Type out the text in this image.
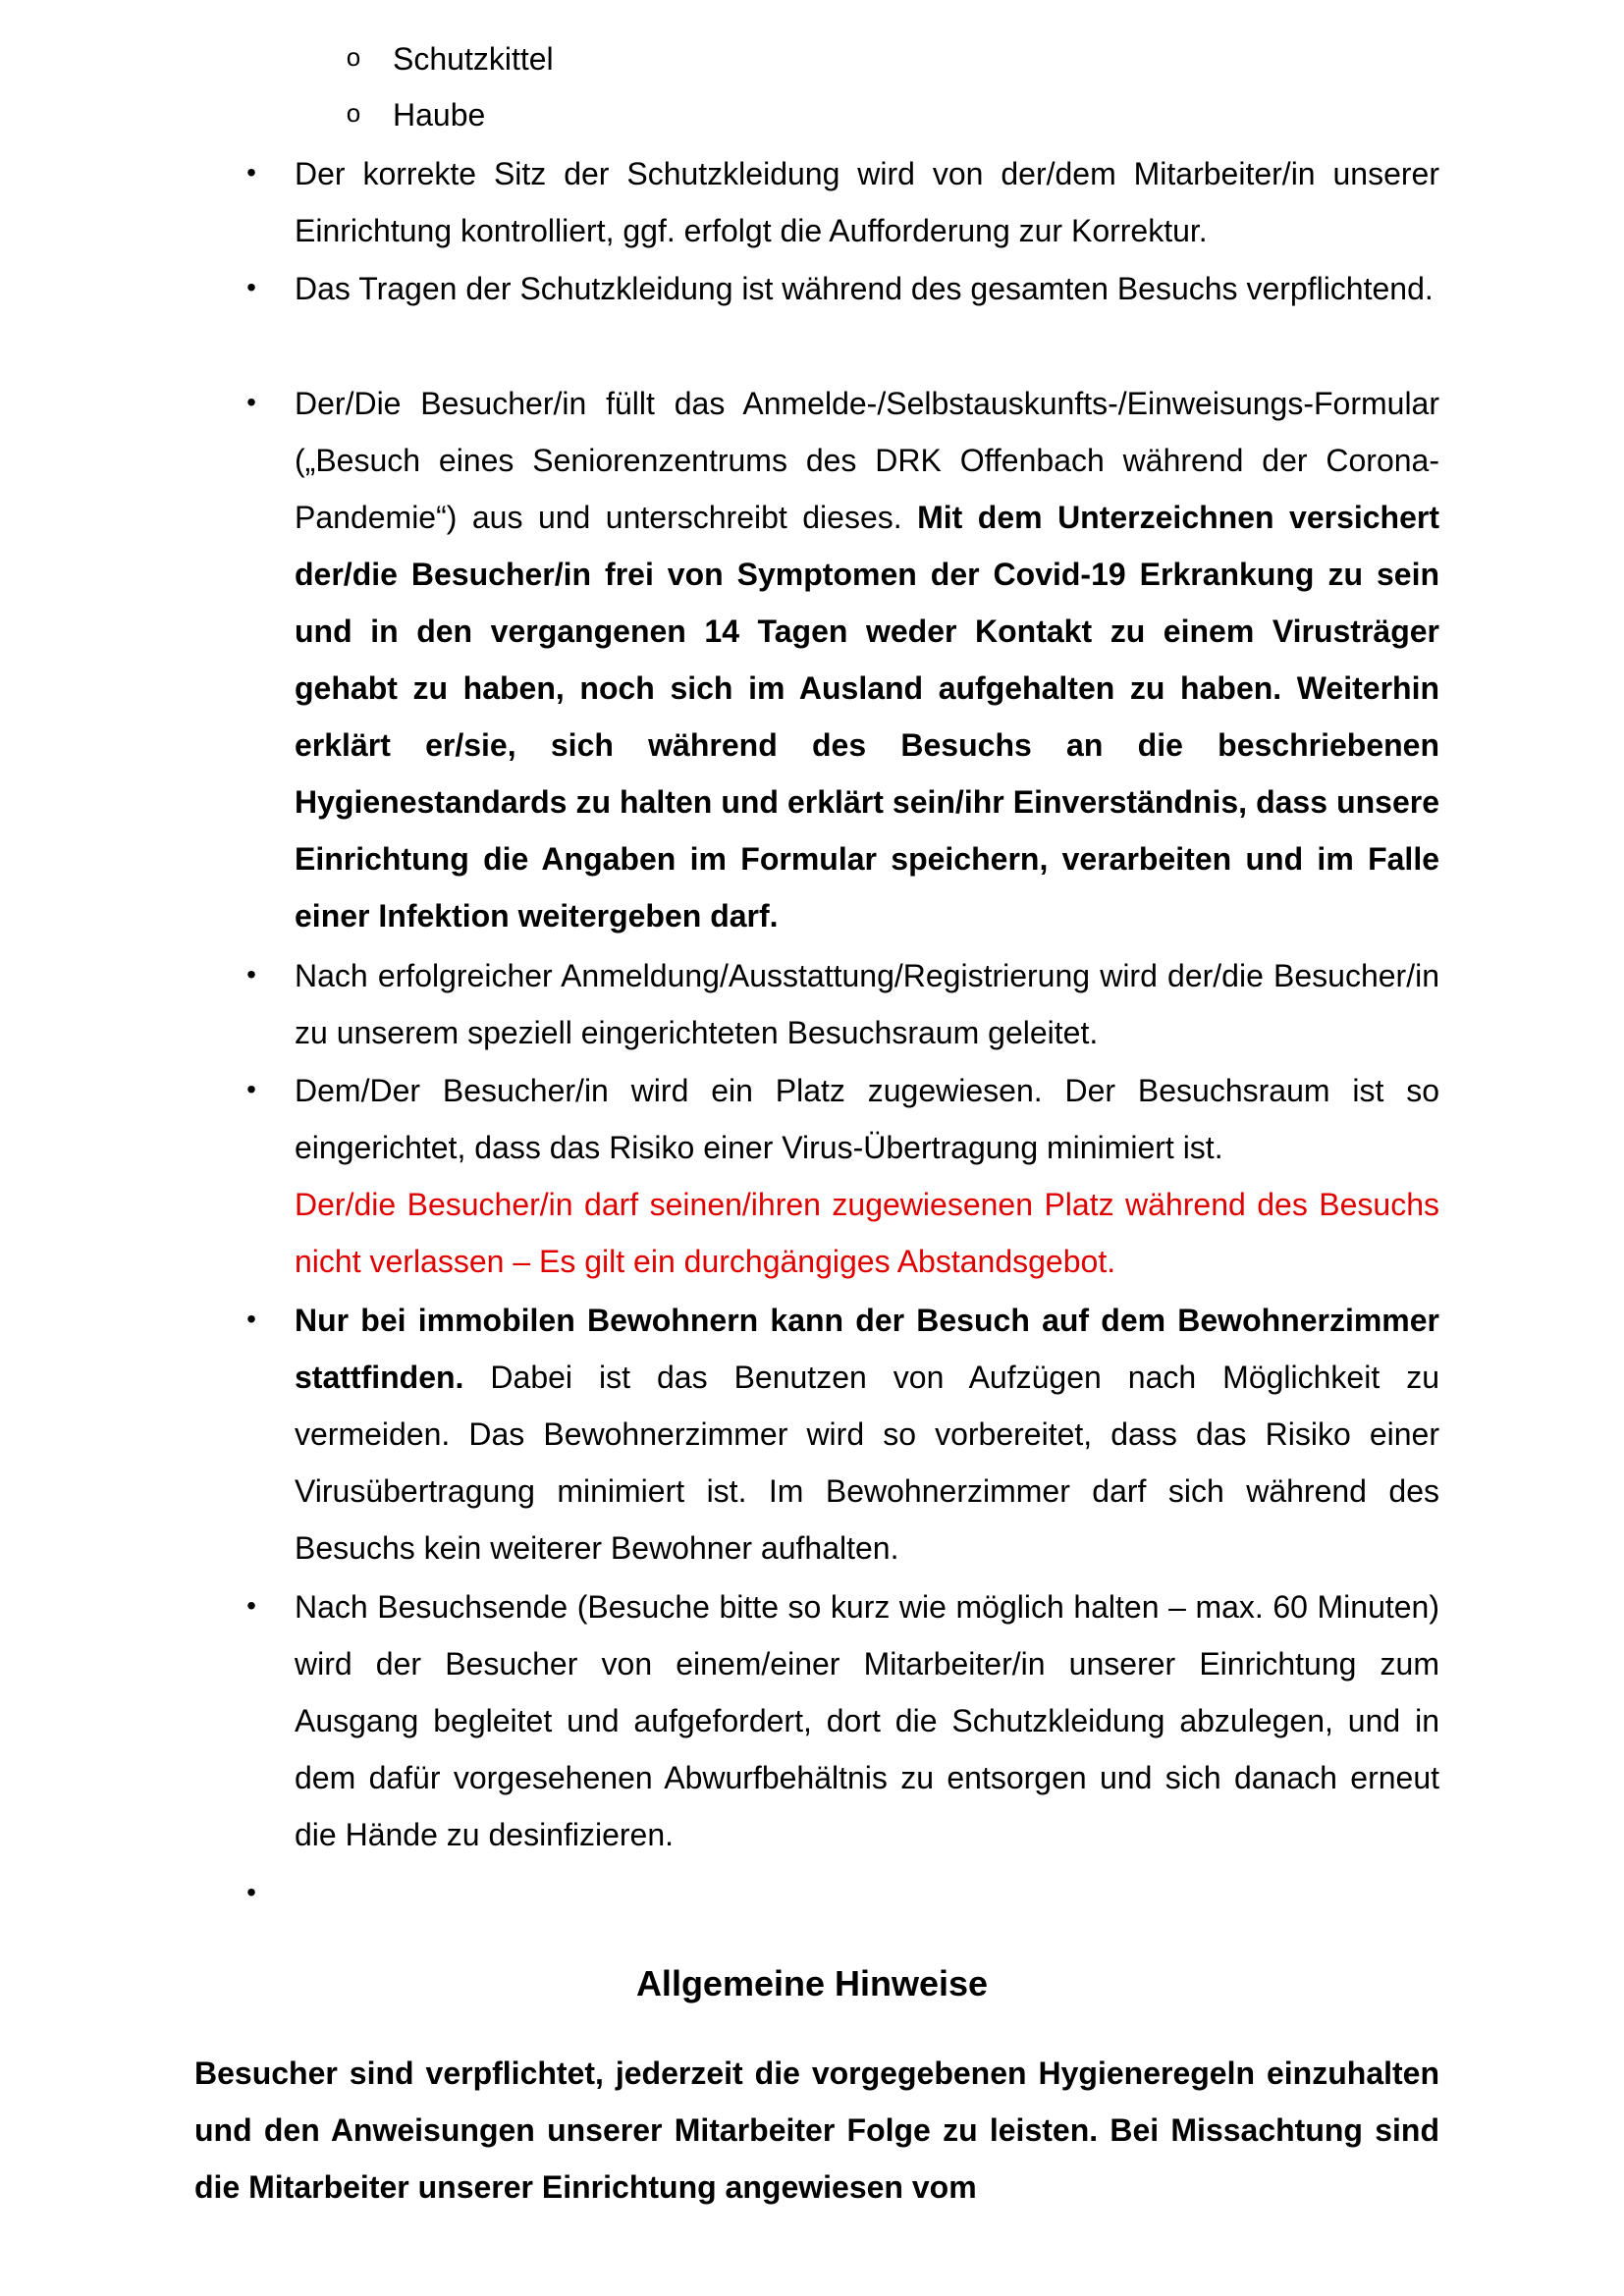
o Schutzkittel
o Haube
• Der korrekte Sitz der Schutzkleidung wird von der/dem Mitarbeiter/in unserer Einrichtung kontrolliert, ggf. erfolgt die Aufforderung zur Korrektur.
• Das Tragen der Schutzkleidung ist während des gesamten Besuchs verpflichtend.
• Der/Die Besucher/in füllt das Anmelde-/Selbstauskunfts-/Einweisungs-Formular („Besuch eines Seniorenzentrums des DRK Offenbach während der Corona-Pandemie“) aus und unterschreibt dieses. Mit dem Unterzeichnen versichert der/die Besucher/in frei von Symptomen der Covid-19 Erkrankung zu sein und in den vergangenen 14 Tagen weder Kontakt zu einem Virusträger gehabt zu haben, noch sich im Ausland aufgehalten zu haben. Weiterhin erklärt er/sie, sich während des Besuchs an die beschriebenen Hygienestandards zu halten und erklärt sein/ihr Einverständnis, dass unsere Einrichtung die Angaben im Formular speichern, verarbeiten und im Falle einer Infektion weitergeben darf.
• Nach erfolgreicher Anmeldung/Ausstattung/Registrierung wird der/die Besucher/in zu unserem speziell eingerichteten Besuchsraum geleitet.
• Dem/Der Besucher/in wird ein Platz zugewiesen. Der Besuchsraum ist so eingerichtet, dass das Risiko einer Virus-Übertragung minimiert ist.
Der/die Besucher/in darf seinen/ihren zugewiesenen Platz während des Besuchs nicht verlassen – Es gilt ein durchgängiges Abstandsgebot.
• Nur bei immobilen Bewohnern kann der Besuch auf dem Bewohnerzimmer stattfinden. Dabei ist das Benutzen von Aufzügen nach Möglichkeit zu vermeiden. Das Bewohnerzimmer wird so vorbereitet, dass das Risiko einer Virusübertragung minimiert ist. Im Bewohnerzimmer darf sich während des Besuchs kein weiterer Bewohner aufhalten.
• Nach Besuchsende (Besuche bitte so kurz wie möglich halten – max. 60 Minuten) wird der Besucher von einem/einer Mitarbeiter/in unserer Einrichtung zum Ausgang begleitet und aufgefordert, dort die Schutzkleidung abzulegen, und in dem dafür vorgesehenen Abwurfbehältnis zu entsorgen und sich danach erneut die Hände zu desinfizieren.
•
Allgemeine Hinweise
Besucher sind verpflichtet, jederzeit die vorgegebenen Hygieneregeln einzuhalten und den Anweisungen unserer Mitarbeiter Folge zu leisten. Bei Missachtung sind die Mitarbeiter unserer Einrichtung angewiesen vom
